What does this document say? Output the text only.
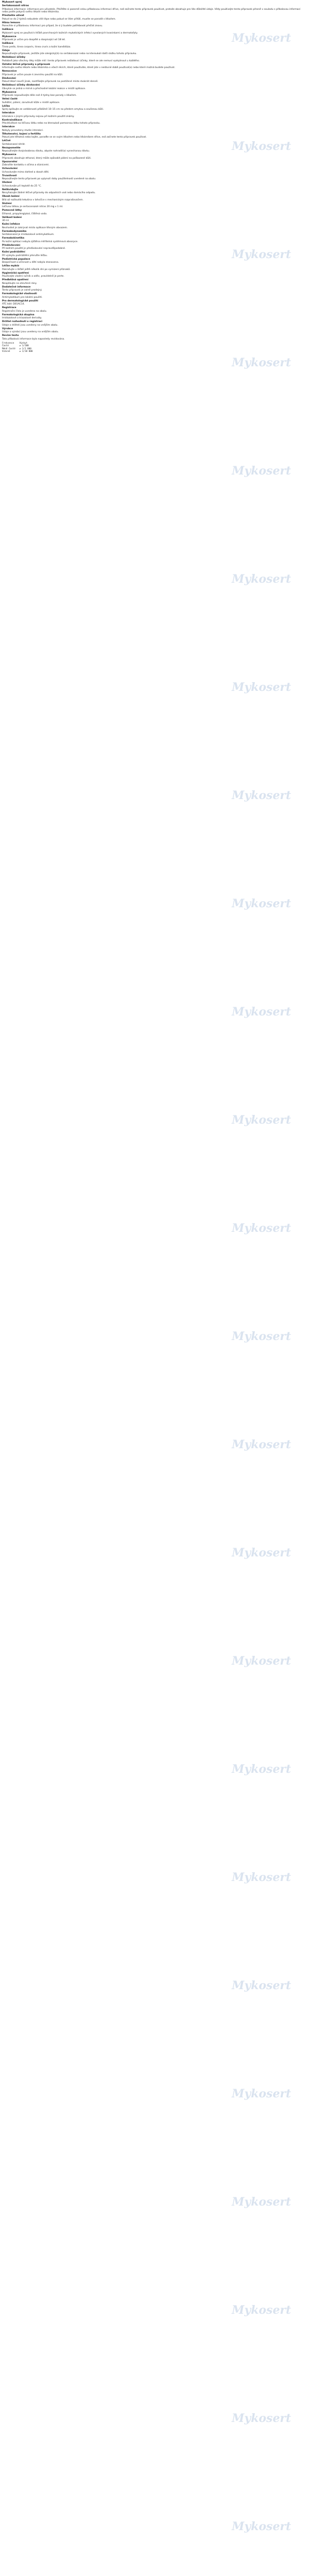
Mykosert sprej
Sertakonazoli nitras
Příbalová informace: informace pro uživatele. Přečtěte si pozorně celou příbalovou informaci dříve, než začnete tento přípravek používat, protože obsahuje pro Vás důležité údaje. Vždy používejte tento přípravek přesně v souladu s příbalovou informací nebo podle pokynů svého lékaře nebo lékárníka.
Přestaňte užívat
Pokud se do 2 týdnů nebudete cítit lépe nebo pokud se Vám přitíží, musíte se poradit s lékařem.
Hlásu lemuvo
Ponechte si příbalovou informaci pro případ, že si ji budete potřebovat přečíst znovu.
Indikace
Mykosert sprej se používá k léčbě povrchových kožních mykotických infekcí vyvolaných kvasinkami a dermatofyty.
Mykoserce
Přípravek je určen pro dospělé a dospívající od 18 let.
Indikace
Tinea pedis, tinea corporis, tinea cruris a kožní kandidóza.
Údaje
Nepoužívejte přípravek, jestliže jste alergický(á) na sertakonazol nebo na kteroukoli další složku tohoto přípravku.
Nežádoucí účinky
Podobně jako všechny léky může mít i tento přípravek nežádoucí účinky, které se ale nemusí vyskytnout u každého.
Ostatní léčivé přípravky a přípravek
Informujte svého lékaře nebo lékárníka o všech lécích, které používáte, které jste v nedávné době používal(a) nebo které možná budete používat.
Nemocnice
Přípravek je určen pouze k zevnímu použití na kůži.
Dávkování
Pokud lékař neurčí jinak, nastříkejte přípravek na postižené místo dvakrát denně.
Nežádoucí účinky dávkování
Obvykle se jedná o mírné a přechodné lokální reakce v místě aplikace.
Mykoserce
Přípravek nepoužívejte déle než 4 týdny bez porady s lékařem.
Velmi časté
Svědění, pálení, zarudnutí kůže v místě aplikace.
Léčba
Sprej aplikujte ze vzdálenosti přibližně 10–15 cm na předem omytou a osušenou kůži.
Interakce
Interakce s jinými přípravky nejsou při kožním použití známy.
Kontraindikace
Přecitlivělost na léčivou látku nebo na kteroukoli pomocnou látku tohoto přípravku.
Interakce
Nebyly provedeny studie interakcí.
Těhotenství, kojení a fertilita
Pokud jste těhotná nebo kojíte, poraďte se se svým lékařem nebo lékárníkem dříve, než začnete tento přípravek používat.
Léčivé
Sertakonazol nitrát.
Nezapomeňte
Nepoužívejte dvojnásobnou dávku, abyste nahradil(a) vynechanou dávku.
Mykoserce
Přípravek obsahuje ethanol, který může způsobit pálení na poškozené kůži.
Upozornění
Zabraňte kontaktu s očima a sliznicemi.
Uchovávání
Uchovávejte mimo dohled a dosah dětí.
Trvanlivost
Nepoužívejte tento přípravek po uplynutí doby použitelnosti uvedené na obalu.
Uložení
Uchovávejte při teplotě do 25 °C.
Nelikvidujte
Nevyhazujte žádné léčivé přípravky do odpadních vod nebo domácího odpadu.
Obsah balení
Bílá až nažloutlá tekutina v lahvičce s mechanickým rozprašovačem.
Složení
Léčivou látkou je sertaconazoli nitras 20 mg v 1 ml.
Pomocné látky
Ethanol, propylenglykol, čištěná voda.
Velikost balení
30 ml
Kožní infekce
Nevhodné je zakrývat místo aplikace těsným obvazem.
Farmakodynamika
Sertakonazol je imidazolové antimykotikum.
Farmakokinetika
Po kožní aplikaci nebyla zjištěna měřitelná systémová absorpce.
Předávkování
Při kožním použití je předávkování nepravděpodobné.
Kožní podráždění
Při výskytu podráždění přerušte léčbu.
Pediatrická populace
Bezpečnost a účinnost u dětí nebyla stanovena.
Léčba mykóz
Pokračujte v léčbě ještě několik dní po vymizení příznaků.
Hygienická opatření
Používejte vlastní ručník a oděv, pravidelně je perte.
Předběžná opatření
Neaplikujte na otevřené rány.
Dodatečné informace
Tento přípravek je volně prodejný.
Farmakologické vlastnosti
Antimykotikum pro lokální použití.
Pro dermatologické použití
ATC kód: D01AC14.
Registrace
Registrační číslo je uvedeno na obalu.
Farmakologická skupina
Imidazolové a triazolové deriváty.
Držitel rozhodnutí o registraci
Údaje o držiteli jsou uvedeny na vnějším obalu.
Výrobce
Údaje o výrobci jsou uvedeny na vnějším obalu.
Revize textu
Tato příbalová informace byla naposledy revidována.
Frekvence    Výskyt
Časté        ≥ 1/100
Méně časté   ≥ 1/1 000
Vzácné       ≥ 1/10 000
Mykosert
Mykosert
Mykosert
Mykosert
Mykosert
Mykosert
Mykosert
Mykosert
Mykosert
Mykosert
Mykosert
Mykosert
Mykosert
Mykosert
Mykosert
Mykosert
Mykosert
Mykosert
Mykosert
Mykosert
Mykosert
Mykosert
Mykosert
Mykosert
